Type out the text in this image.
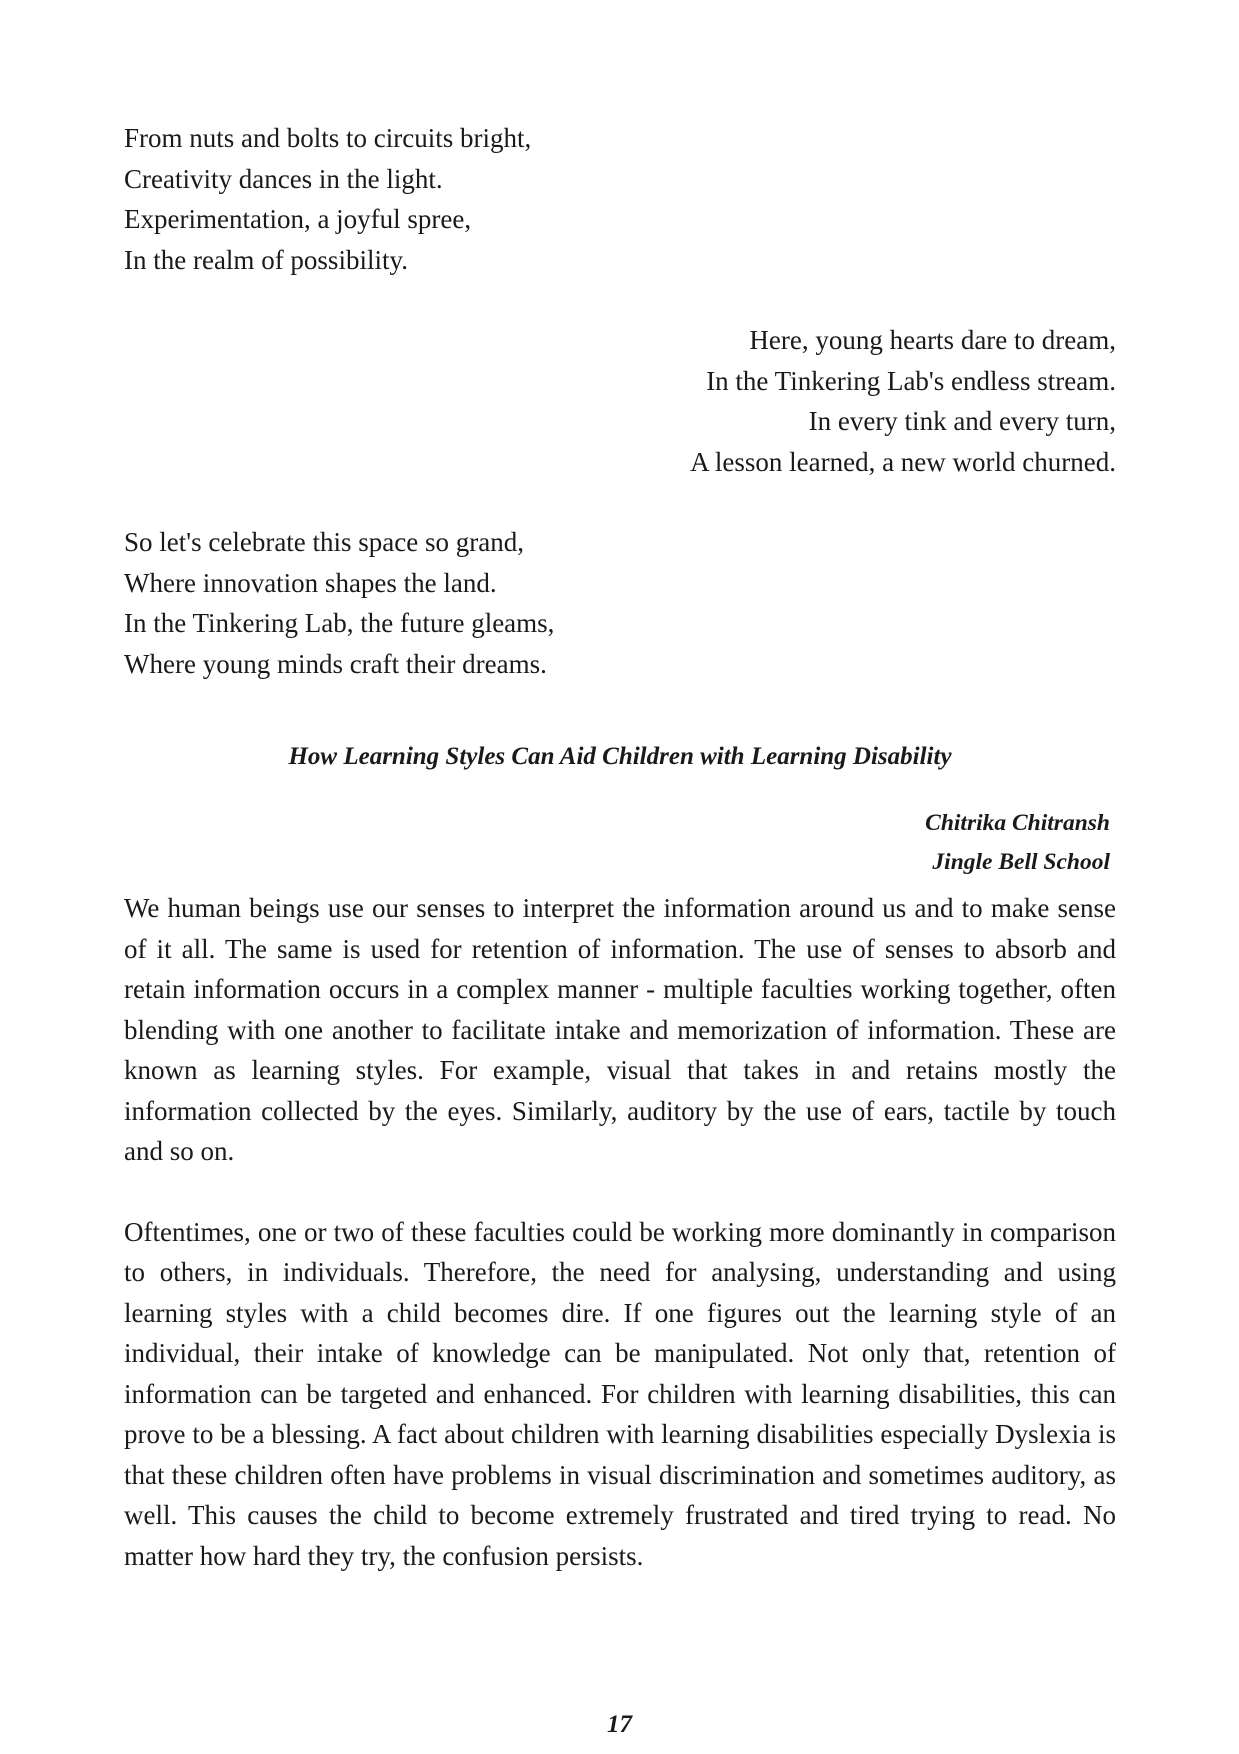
From nuts and bolts to circuits bright,
Creativity dances in the light.
Experimentation, a joyful spree,
In the realm of possibility.
Here, young hearts dare to dream,
In the Tinkering Lab's endless stream.
In every tink and every turn,
A lesson learned, a new world churned.
So let's celebrate this space so grand,
Where innovation shapes the land.
In the Tinkering Lab, the future gleams,
Where young minds craft their dreams.
How Learning Styles Can Aid Children with Learning Disability
Chitrika Chitransh
Jingle Bell School

We human beings use our senses to interpret the information around us and to make sense of it all. The same is used for retention of information. The use of senses to absorb and retain information occurs in a complex manner - multiple faculties working together, often blending with one another to facilitate intake and memorization of information. These are known as learning styles. For example, visual that takes in and retains mostly the information collected by the eyes. Similarly, auditory by the use of ears, tactile by touch and so on.

Oftentimes, one or two of these faculties could be working more dominantly in comparison to others, in individuals. Therefore, the need for analysing, understanding and using learning styles with a child becomes dire. If one figures out the learning style of an individual, their intake of knowledge can be manipulated. Not only that, retention of information can be targeted and enhanced. For children with learning disabilities, this can prove to be a blessing. A fact about children with learning disabilities especially Dyslexia is that these children often have problems in visual discrimination and sometimes auditory, as well. This causes the child to become extremely frustrated and tired trying to read. No matter how hard they try, the confusion persists.

17
